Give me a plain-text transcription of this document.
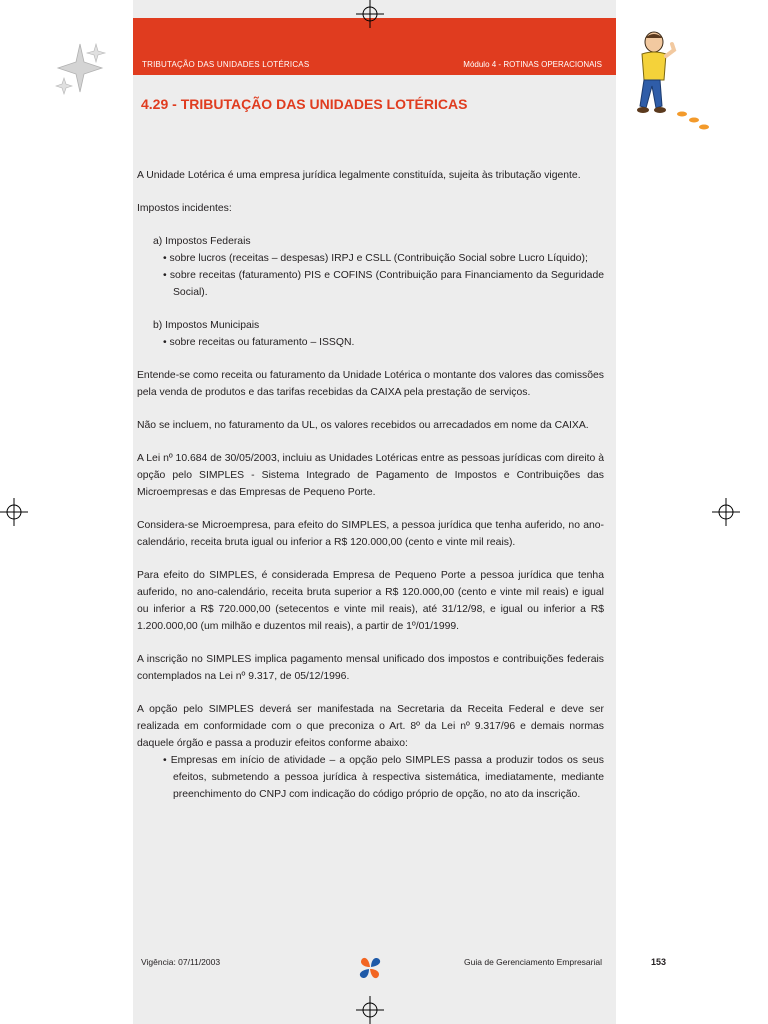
TRIBUTAÇÃO DAS UNIDADES LOTÉRICAS	Módulo 4 - ROTINAS OPERACIONAIS
4.29 - TRIBUTAÇÃO DAS UNIDADES LOTÉRICAS

A Unidade Lotérica é uma empresa jurídica legalmente constituída, sujeita às tributação vigente.

Impostos incidentes:

a) Impostos Federais
• sobre lucros (receitas – despesas) IRPJ e CSLL (Contribuição Social sobre Lucro Líquido);
• sobre receitas (faturamento) PIS e COFINS (Contribuição para Financiamento da Seguridade Social).
b) Impostos Municipais
• sobre receitas ou faturamento – ISSQN.

Entende-se como receita ou faturamento da Unidade Lotérica o montante dos valores das comissões pela venda de produtos e das tarifas recebidas da CAIXA pela prestação de serviços.

Não se incluem, no faturamento da UL, os valores recebidos ou arrecadados em nome da CAIXA.

A Lei nº 10.684 de 30/05/2003, incluiu as Unidades Lotéricas entre as pessoas jurídicas com direito à opção pelo SIMPLES - Sistema Integrado de Pagamento de Impostos e Contribuições das Microempresas e das Empresas de Pequeno Porte.

Considera-se Microempresa, para efeito do SIMPLES, a pessoa jurídica que tenha auferido, no ano-calendário, receita bruta igual ou inferior a R$ 120.000,00 (cento e vinte mil reais).

Para efeito do SIMPLES, é considerada Empresa de Pequeno Porte a pessoa jurídica que tenha auferido, no ano-calendário, receita bruta superior a R$ 120.000,00 (cento e vinte mil reais) e igual ou inferior a R$ 720.000,00 (setecentos e vinte mil reais), até 31/12/98, e igual ou inferior a R$ 1.200.000,00 (um milhão e duzentos mil reais), a partir de 1º/01/1999.

A inscrição no SIMPLES implica pagamento mensal unificado dos impostos e contribuições federais contemplados na Lei nº 9.317, de 05/12/1996.

A opção pelo SIMPLES deverá ser manifestada na Secretaria da Receita Federal e deve ser realizada em conformidade com o que preconiza o Art. 8º da Lei nº 9.317/96 e demais normas daquele órgão e passa a produzir efeitos conforme abaixo:

• Empresas em início de atividade – a opção pelo SIMPLES passa a produzir todos os seus efeitos, submetendo a pessoa jurídica à respectiva sistemática, imediatamente, mediante preenchimento do CNPJ com indicação do código próprio de opção, no ato da inscrição.
Vigência: 07/11/2003	Guia de Gerenciamento Empresarial	153
